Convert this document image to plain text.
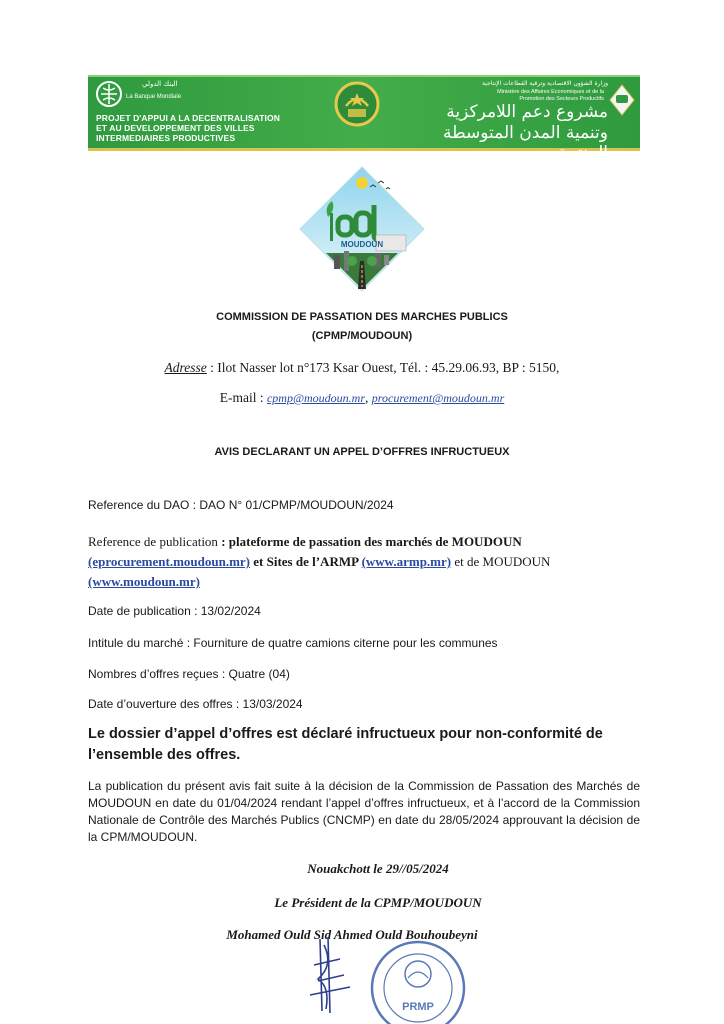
البنك الدولي
La Banque Mondiale
PROJET D'APPUI A LA DECENTRALISATION
ET AU DEVELOPPEMENT DES VILLES
INTERMEDIAIRES PRODUCTIVES
وزارة الشؤون الاقتصادية وترقية القطاعات الإنتاجية
Ministère des Affaires Economiques et de la
Promotion des Secteurs Productifs
مشروع دعم اللامركزية
وتنمية المدن المتوسطة المنتجة
MOUDOUN
COMMISSION DE PASSATION DES MARCHES PUBLICS
(CPMP/MOUDOUN)
Adresse : Ilot Nasser lot n°173 Ksar Ouest, Tél. : 45.29.06.93, BP : 5150,
E-mail : cpmp@moudoun.mr, procurement@moudoun.mr
AVIS DECLARANT UN APPEL D’OFFRES INFRUCTUEUX
Reference du DAO : DAO N° 01/CPMP/MOUDOUN/2024
Reference de publication : plateforme de passation des marchés de MOUDOUN (eprocurement.moudoun.mr) et Sites de l’ARMP (www.armp.mr) et de MOUDOUN (www.moudoun.mr)
Date de publication : 13/02/2024
Intitule du marché : Fourniture de quatre camions citerne pour les communes
Nombres d’offres reçues : Quatre (04)
Date d’ouverture des offres : 13/03/2024
Le dossier d’appel d’offres est déclaré infructueux pour non-conformité de l’ensemble des offres.
La publication du présent avis fait suite à la décision de la Commission de Passation des Marchés de MOUDOUN en date du 01/04/2024 rendant l’appel d’offres infructueux, et à l’accord de la Commission Nationale de Contrôle des Marchés Publics (CNCMP) en date du 28/05/2024 approuvant la décision de la CPM/MOUDOUN.
Nouakchott le 29//05/2024
Le Président de la CPMP/MOUDOUN
Mohamed Ould Sid Ahmed Ould Bouhoubeyni
PRMP
